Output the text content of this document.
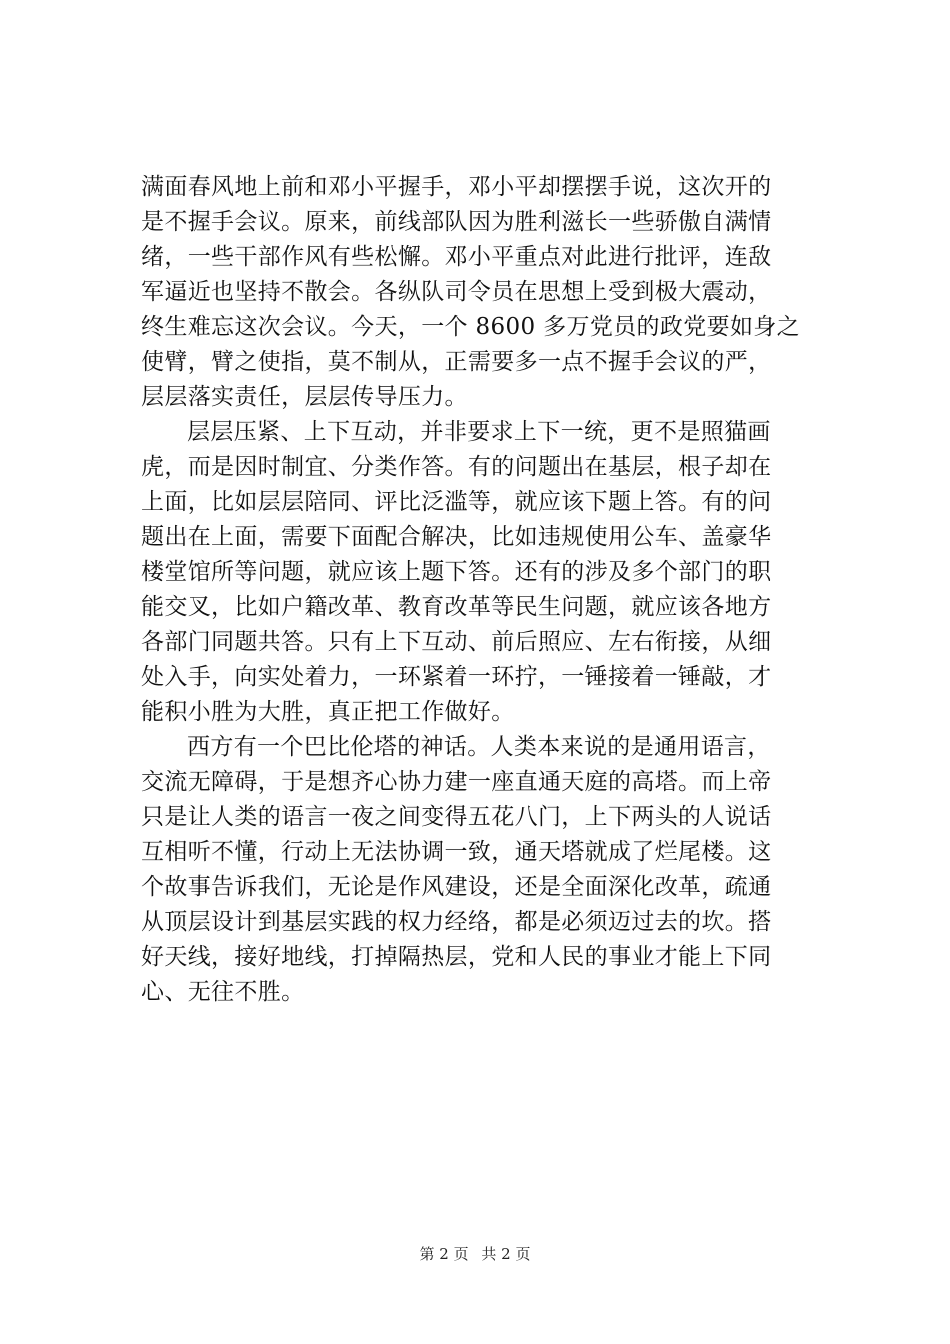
满面春风地上前和邓小平握手，邓小平却摆摆手说，这次开的
是不握手会议。原来，前线部队因为胜利滋长一些骄傲自满情
绪，一些干部作风有些松懈。邓小平重点对此进行批评，连敌
军逼近也坚持不散会。各纵队司令员在思想上受到极大震动，
终生难忘这次会议。今天，一个 8600 多万党员的政党要如身之
使臂，臂之使指，莫不制从，正需要多一点不握手会议的严，
层层落实责任，层层传导压力。
层层压紧、上下互动，并非要求上下一统，更不是照猫画
虎，而是因时制宜、分类作答。有的问题出在基层，根子却在
上面，比如层层陪同、评比泛滥等，就应该下题上答。有的问
题出在上面，需要下面配合解决，比如违规使用公车、盖豪华
楼堂馆所等问题，就应该上题下答。还有的涉及多个部门的职
能交叉，比如户籍改革、教育改革等民生问题，就应该各地方
各部门同题共答。只有上下互动、前后照应、左右衔接，从细
处入手，向实处着力，一环紧着一环拧，一锤接着一锤敲，才
能积小胜为大胜，真正把工作做好。
西方有一个巴比伦塔的神话。人类本来说的是通用语言，
交流无障碍，于是想齐心协力建一座直通天庭的高塔。而上帝
只是让人类的语言一夜之间变得五花八门，上下两头的人说话
互相听不懂，行动上无法协调一致，通天塔就成了烂尾楼。这
个故事告诉我们，无论是作风建设，还是全面深化改革，疏通
从顶层设计到基层实践的权力经络，都是必须迈过去的坎。搭
好天线，接好地线，打掉隔热层，党和人民的事业才能上下同
心、无往不胜。
第 2 页 共 2 页
